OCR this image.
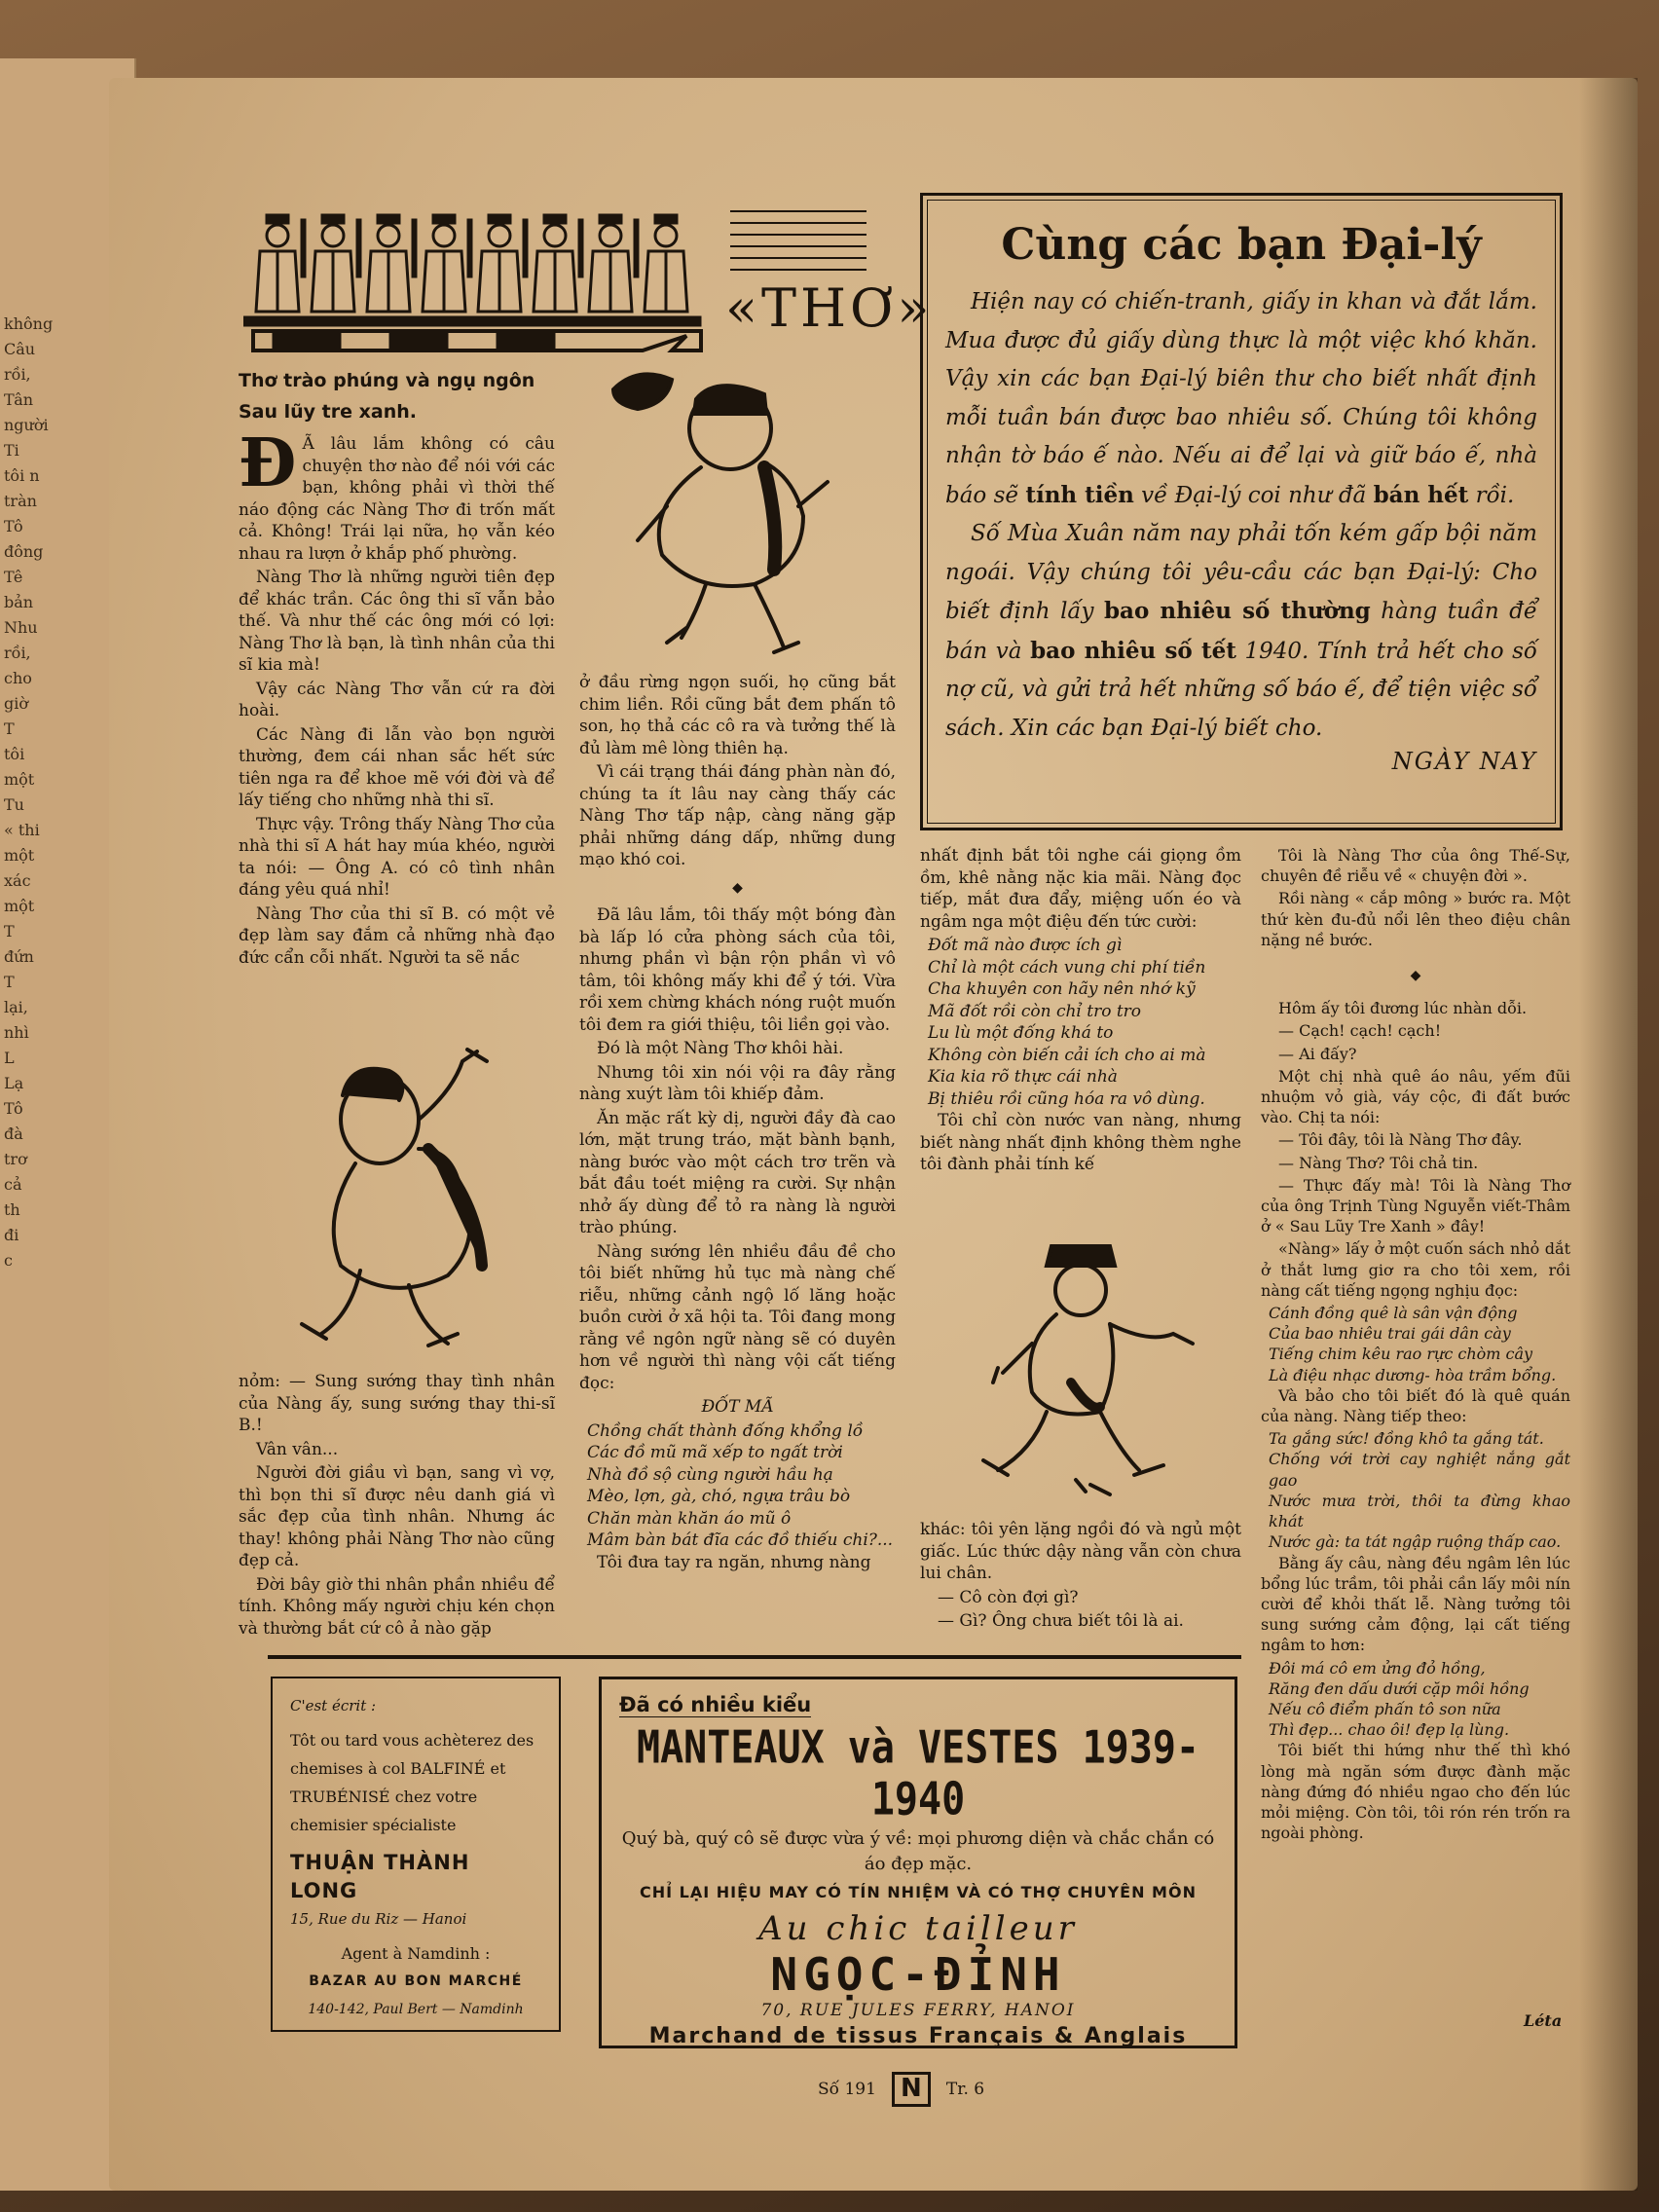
không
Câu
rồi,
Tân
người
Ti
tôi n
tràn
Tô
đông
Tê
bản
Nhu
rồi,
cho
giờ
T
tôi
một
Tu
« thi
một
xác
một
T
đứn
T
lại,
nhì
L
Lạ
Tô
đà
trơ
cả
th
đi
c
«THƠ»
Thơ trào phúng và ngụ ngôn
Sau lũy tre xanh.

Đ Ã lâu lắm không có câu chuyện thơ nào để nói với các bạn, không phải vì thời thế náo động các Nàng Thơ đi trốn mất cả. Không! Trái lại nữa, họ vẫn kéo nhau ra lượn ở khắp phố phường.

Nàng Thơ là những người tiên đẹp để khác trần. Các ông thi sĩ vẫn bảo thế. Và như thế các ông mới có lợi: Nàng Thơ là bạn, là tình nhân của thi sĩ kia mà!

Vậy các Nàng Thơ vẫn cứ ra đời hoài.

Các Nàng đi lẫn vào bọn người thường, đem cái nhan sắc hết sức tiên nga ra để khoe mẽ với đời và để lấy tiếng cho những nhà thi sĩ.

Thực vậy. Trông thấy Nàng Thơ của nhà thi sĩ A hát hay múa khéo, người ta nói: — Ông A. có cô tình nhân đáng yêu quá nhỉ!

Nàng Thơ của thi sĩ B. có một vẻ đẹp làm say đắm cả những nhà đạo đức cẩn cỗi nhất. Người ta sẽ nắc

nỏm: — Sung sướng thay tình nhân của Nàng ấy, sung sướng thay thi-sĩ B.!

Vân vân...

Người đời giầu vì bạn, sang vì vợ, thì bọn thi sĩ được nêu danh giá vì sắc đẹp của tình nhân. Nhưng ác thay! không phải Nàng Thơ nào cũng đẹp cả.

Đời bây giờ thi nhân phần nhiều để tính. Không mấy người chịu kén chọn và thường bắt cứ cô ả nào gặp

ở đầu rừng ngọn suối, họ cũng bắt chim liền. Rồi cũng bắt đem phấn tô son, họ thả các cô ra và tưởng thế là đủ làm mê lòng thiên hạ.

Vì cái trạng thái đáng phàn nàn đó, chúng ta ít lâu nay càng thấy các Nàng Thơ tấp nập, càng năng gặp phải những dáng dấp, những dung mạo khó coi.

◆

Đã lâu lắm, tôi thấy một bóng đàn bà lấp ló cửa phòng sách của tôi, nhưng phần vì bận rộn phần vì vô tâm, tôi không mấy khi để ý tới. Vừa rồi xem chừng khách nóng ruột muốn tôi đem ra giới thiệu, tôi liền gọi vào.

Đó là một Nàng Thơ khôi hài.

Nhưng tôi xin nói vội ra đây rằng nàng xuýt làm tôi khiếp đảm.

Ăn mặc rất kỳ dị, người đầy đà cao lớn, mặt trung tráo, mặt bành bạnh, nàng bước vào một cách trơ trẽn và bắt đầu toét miệng ra cười. Sự nhận nhở ấy dùng để tỏ ra nàng là người trào phúng.

Nàng sướng lên nhiều đầu đề cho tôi biết những hủ tục mà nàng chế riễu, những cảnh ngộ lố lăng hoặc buồn cười ở xã hội ta. Tôi đang mong rằng về ngôn ngữ nàng sẽ có duyên hơn về người thì nàng vội cất tiếng đọc:

ĐỐT MÃ

Chồng chất thành đống khổng lồ
Các đồ mũ mã xếp to ngất trời
Nhà đồ sộ cùng người hầu hạ
Mèo, lợn, gà, chó, ngựa trâu bò
Chăn màn khăn áo mũ ô
Mâm bàn bát đĩa các đồ thiếu chi?...

Tôi đưa tay ra ngăn, nhưng nàng

Cùng các bạn Đại-lý

Hiện nay có chiến-tranh, giấy in khan và đắt lắm. Mua được đủ giấy dùng thực là một việc khó khăn. Vậy xin các bạn Đại-lý biên thư cho biết nhất định mỗi tuần bán được bao nhiêu số. Chúng tôi không nhận tờ báo ế nào. Nếu ai để lại và giữ báo ế, nhà báo sẽ tính tiền về Đại-lý coi như đã bán hết rồi.

Số Mùa Xuân năm nay phải tốn kém gấp bội năm ngoái. Vậy chúng tôi yêu-cầu các bạn Đại-lý: Cho biết định lấy bao nhiêu số thường hàng tuần để bán và bao nhiêu số tết 1940. Tính trả hết cho số nợ cũ, và gửi trả hết những số báo ế, để tiện việc sổ sách. Xin các bạn Đại-lý biết cho.

NGÀY NAY

nhất định bắt tôi nghe cái giọng ồm ồm, khê nằng nặc kia mãi. Nàng đọc tiếp, mắt đưa đẩy, miệng uốn éo và ngâm nga một điệu đến tức cười:

Đốt mã nào được ích gì
Chỉ là một cách vung chi phí tiền
Cha khuyên con hãy nên nhớ kỹ
Mã đốt rồi còn chỉ tro tro
Lu lù một đống khá to
Không còn biến cải ích cho ai mà
Kia kia rõ thực cái nhà
Bị thiêu rồi cũng hóa ra vô dùng.

Tôi chỉ còn nước van nàng, nhưng biết nàng nhất định không thèm nghe tôi đành phải tính kế

khác: tôi yên lặng ngồi đó và ngủ một giấc. Lúc thức dậy nàng vẫn còn chưa lui chân.

— Cô còn đợi gì?

— Gì? Ông chưa biết tôi là ai.

Tôi là Nàng Thơ của ông Thế-Sự, chuyên đề riễu về « chuyện đời ».

Rồi nàng « cắp mông » bước ra. Một thứ kèn đu-đủ nổi lên theo điệu chân nặng nề bước.

◆

Hôm ấy tôi đương lúc nhàn dỗi.

— Cạch! cạch! cạch!

— Ai đấy?

Một chị nhà quê áo nâu, yếm đũi nhuộm vỏ già, váy cộc, đi đất bước vào. Chị ta nói:

— Tôi đây, tôi là Nàng Thơ đây.

— Nàng Thơ? Tôi chả tin.

— Thực đấy mà! Tôi là Nàng Thơ của ông Trịnh Tùng Nguyễn viết-Thâm ở « Sau Lũy Tre Xanh » đây!

«Nàng» lấy ở một cuốn sách nhỏ dắt ở thắt lưng giơ ra cho tôi xem, rồi nàng cất tiếng ngọng nghịu đọc:

Cánh đồng quê là sân vận động
Của bao nhiêu trai gái dân cày
Tiếng chim kêu rao rực chòm cây
Là điệu nhạc dương- hòa trầm bổng.

Và bảo cho tôi biết đó là quê quán của nàng. Nàng tiếp theo:

Ta gắng sức! đồng khô ta gắng tát.
Chống với trời cay nghiệt nắng gắt gao
Nước mưa trời, thôi ta đừng khao khát
Nước gà: ta tát ngập ruộng thấp cao.

Bằng ấy câu, nàng đều ngâm lên lúc bổng lúc trầm, tôi phải cần lấy môi nín cười để khỏi thất lễ. Nàng tưởng tôi sung sướng cảm động, lại cất tiếng ngâm to hơn:

Đôi má cô em ửng đỏ hồng,
Răng đen dấu dưới cặp môi hồng
Nếu cô điểm phấn tô son nữa
Thì đẹp... chao ôi! đẹp lạ lùng.

Tôi biết thi hứng như thế thì khó lòng mà ngăn sớm được đành mặc nàng đứng đó nhiều ngao cho đến lúc mỏi miệng. Còn tôi, tôi rón rén trốn ra ngoài phòng.

C'est écrit :
Tôt ou tard vous achèterez des chemises à col BALFINÉ et TRUBÉNISÉ chez votre chemisier spécialiste
THUẬN THÀNH LONG
15, Rue du Riz — Hanoi
Agent à Namdinh :
BAZAR AU BON MARCHÉ
140-142, Paul Bert — Namdinh
Đã có nhiều kiểu
MANTEAUX và VESTES 1939-1940
Quý bà, quý cô sẽ được vừa ý về: mọi phương diện và chắc chắn có áo đẹp mặc.
CHỈ LẠI HIỆU MAY CÓ TÍN NHIỆM VÀ CÓ THỢ CHUYÊN MÔN
Au chic tailleur
NGỌC-ĐỈNH
70, RUE JULES FERRY, HANOI
Marchand de tissus Français & Anglais
Léta
Số 191 N	Tr. 6
